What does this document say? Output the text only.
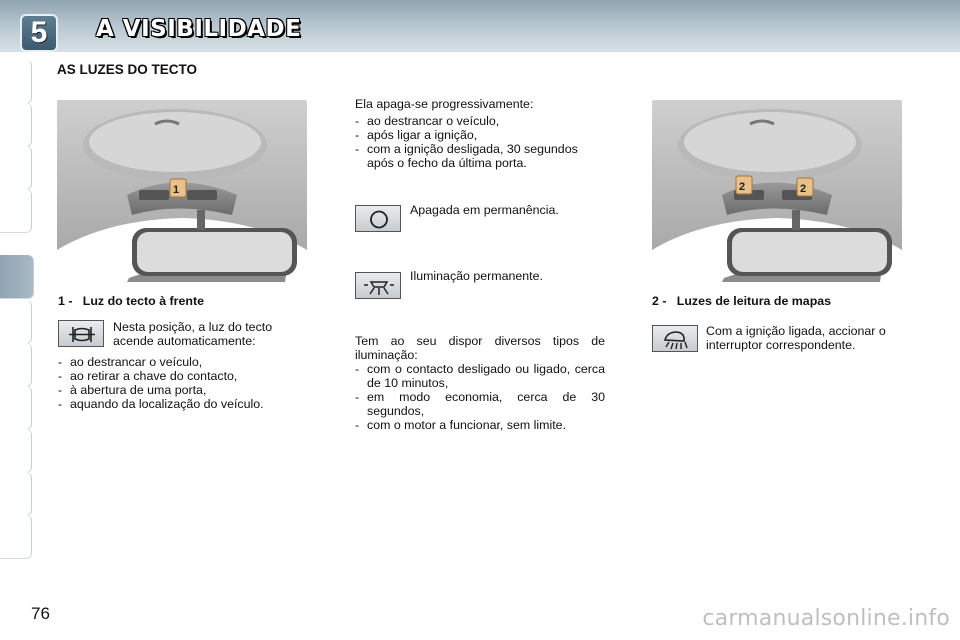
5	A VISIBILIDADE
AS LUZES DO TECTO
1	2	2
1 - Luz do tecto à frente
Nesta posição, a luz do tecto acende automaticamente:
- ao destrancar o veículo,
- ao retirar a chave do contacto,
- à abertura de uma porta,
- aquando da localização do veículo.
Ela apaga-se progressivamente:
- ao destrancar o veículo,
- após ligar a ignição,
- com a ignição desligada, 30 segundos após o fecho da última porta.
Apagada em permanência.
Iluminação permanente.
Tem ao seu dispor diversos tipos de iluminação:
- com o contacto desligado ou ligado, cerca de 10 minutos,
- em modo economia, cerca de 30 segundos,
- com o motor a funcionar, sem limite.
2 - Luzes de leitura de mapas
Com a ignição ligada, accionar o interruptor correspondente.
76	carmanualsonline.info
